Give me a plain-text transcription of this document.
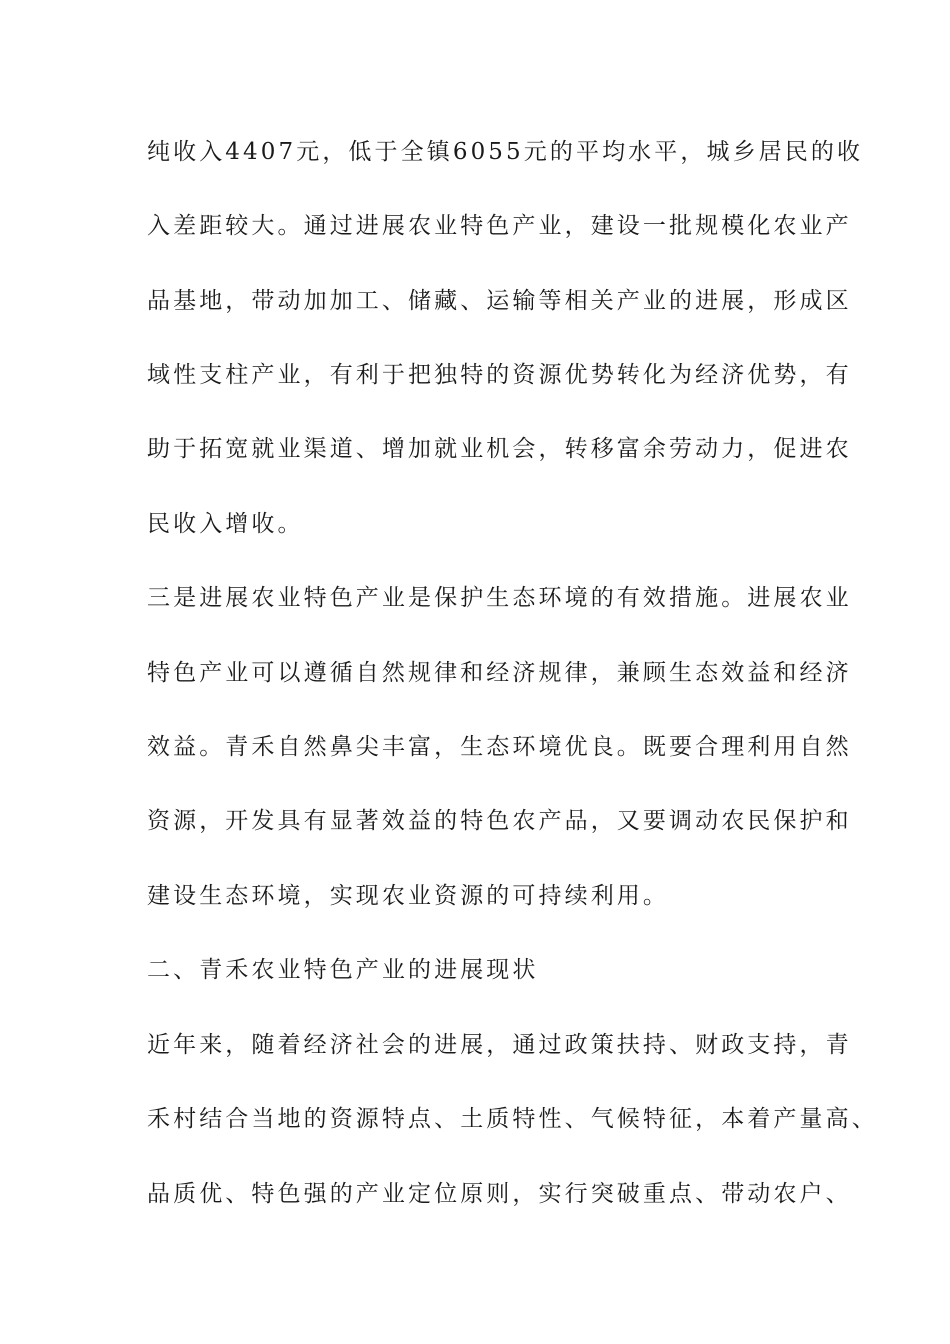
纯收入4407元，低于全镇6055元的平均水平，城乡居民的收
入差距较大。通过进展农业特色产业，建设一批规模化农业产
品基地，带动加加工、储藏、运输等相关产业的进展，形成区
域性支柱产业，有利于把独特的资源优势转化为经济优势，有
助于拓宽就业渠道、增加就业机会，转移富余劳动力，促进农
民收入增收。
三是进展农业特色产业是保护生态环境的有效措施。进展农业
特色产业可以遵循自然规律和经济规律，兼顾生态效益和经济
效益。青禾自然鼻尖丰富，生态环境优良。既要合理利用自然
资源，开发具有显著效益的特色农产品，又要调动农民保护和
建设生态环境，实现农业资源的可持续利用。
二、青禾农业特色产业的进展现状
近年来，随着经济社会的进展，通过政策扶持、财政支持，青
禾村结合当地的资源特点、土质特性、气候特征，本着产量高、
品质优、特色强的产业定位原则，实行突破重点、带动农户、
